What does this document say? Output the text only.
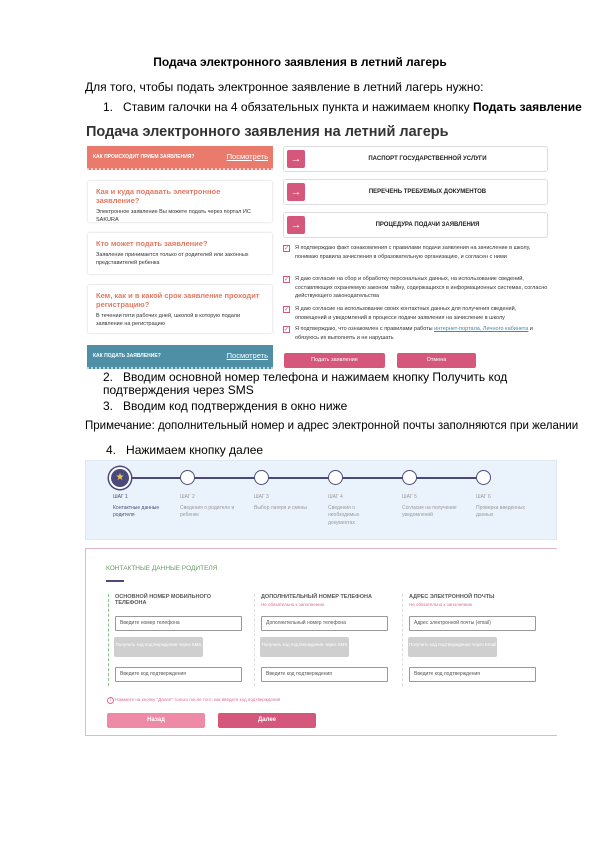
Подача электронного заявления в летний лагерь
Для того, чтобы подать электронное заявление в летний лагерь нужно:
1. Ставим галочки на 4 обязательных пункта и нажимаем кнопку Подать заявление
Подача электронного заявления на летний лагерь
КАК ПРОИСХОДИТ ПРИЕМ ЗАЯВЛЕНИЯ?	Посмотреть
Как и куда подавать электронное заявление?
Электронное заявление Вы можете подать через портал ИС SAKURA
Кто может подать заявление?
Заявление принимается только от родителей или законных представителей ребенка
Кем, как и в какой срок заявление проходит регистрацию?
В течении пяти рабочих дней, школой в которую подали заявление на регистрацию
КАК ПОДАТЬ ЗАЯВЛЕНИЕ?	Посмотреть
→	ПАСПОРТ ГОСУДАРСТВЕННОЙ УСЛУГИ
→	ПЕРЕЧЕНЬ ТРЕБУЕМЫХ ДОКУМЕНТОВ
→	ПРОЦЕДУРА ПОДАЧИ ЗАЯВЛЕНИЯ
✓ Я подтверждаю факт ознакомления с правилами подачи заявления на зачисление в школу, понимаю правила зачисления в образовательную организацию, и согласен с ними
✓ Я даю согласие на сбор и обработку персональных данных, на использование сведений, составляющих охраняемую законом тайну, содержащихся в информационных системах, согласно действующего законодательства
✓ Я даю согласие на использование своих контактных данных для получения сведений, оповещений и уведомлений в процессе подачи заявления на зачисление в школу
✓ Я подтверждаю, что ознакомлен с правилами работы интернет-портала, Личного кабинета и обязуюсь их выполнять и не нарушать
Подать заявление	Отмена
2. Вводим основной номер телефона и нажимаем кнопку Получить код подтверждения через SMS
3. Вводим код подтверждения в окно ниже
Примечание: дополнительный номер и адрес электронной почты заполняются при желании
4. Нажимаем кнопку далее
★
ШАГ 1
Контактные данные родителя
ШАГ 2
Сведения о родителе и ребенке
ШАГ 3
Выбор лагеря и смены
ШАГ 4
Сведения о необходимых документах
ШАГ 5
Согласие на получение уведомлений
ШАГ 6
Проверка введенных данных
КОНТАКТНЫЕ ДАННЫЕ РОДИТЕЛЯ
ОСНОВНОЙ НОМЕР МОБИЛЬНОГО ТЕЛЕФОНА
Введите номер телефона
Получить код подтверждения через SMS
Введите код подтверждения
ДОПОЛНИТЕЛЬНЫЙ НОМЕР ТЕЛЕФОНА
Не обязательно к заполнению
Дополнительный номер телефона
Получить код подтверждения через SMS
Введите код подтверждения
АДРЕС ЭЛЕКТРОННОЙ ПОЧТЫ
Не обязательно к заполнению
Адрес электронной почты (email)
Получить код подтверждения через Email
Введите код подтверждения
i Нажмите на кнопку "Далее" только после того, как введете код подтверждения
Назад	Далее
